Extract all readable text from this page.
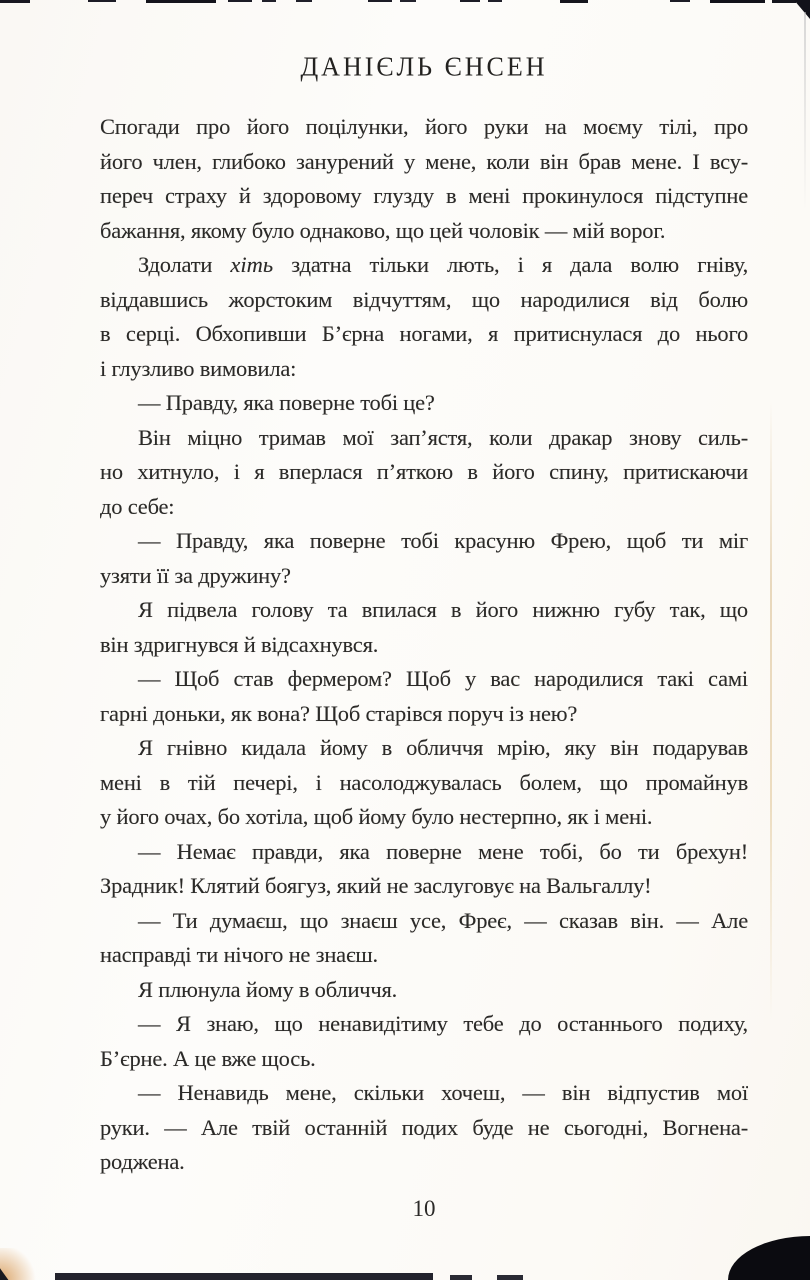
ДАНІЄЛЬ ЄНСЕН
Спогади про його поцілунки, його руки на моєму тілі, про
його член, глибоко занурений у мене, коли він брав мене. І всу-
переч страху й здоровому глузду в мені прокинулося підступне
бажання, якому було однаково, що цей чоловік — мій ворог.
Здолати хіть здатна тільки лють, і я дала волю гніву,
віддавшись жорстоким відчуттям, що народилися від болю
в серці. Обхопивши Б’єрна ногами, я притиснулася до нього
і глузливо вимовила:
— Правду, яка поверне тобі це?
Він міцно тримав мої зап’ястя, коли дракар знову силь-
но хитнуло, і я вперлася п’яткою в його спину, притискаючи
до себе:
— Правду, яка поверне тобі красуню Фрею, щоб ти міг
узяти її за дружину?
Я підвела голову та впилася в його нижню губу так, що
він здригнувся й відсахнувся.
— Щоб став фермером? Щоб у вас народилися такі самі
гарні доньки, як вона? Щоб старівся поруч із нею?
Я гнівно кидала йому в обличчя мрію, яку він подарував
мені в тій печері, і насолоджувалась болем, що промайнув
у його очах, бо хотіла, щоб йому було нестерпно, як і мені.
— Немає правди, яка поверне мене тобі, бо ти брехун!
Зрадник! Клятий боягуз, який не заслуговує на Вальгаллу!
— Ти думаєш, що знаєш усе, Фреє, — сказав він. — Але
насправді ти нічого не знаєш.
Я плюнула йому в обличчя.
— Я знаю, що ненавидітиму тебе до останнього подиху,
Б’єрне. А це вже щось.
— Ненавидь мене, скільки хочеш, — він відпустив мої
руки. — Але твій останній подих буде не сьогодні, Вогнена-
роджена.
10
